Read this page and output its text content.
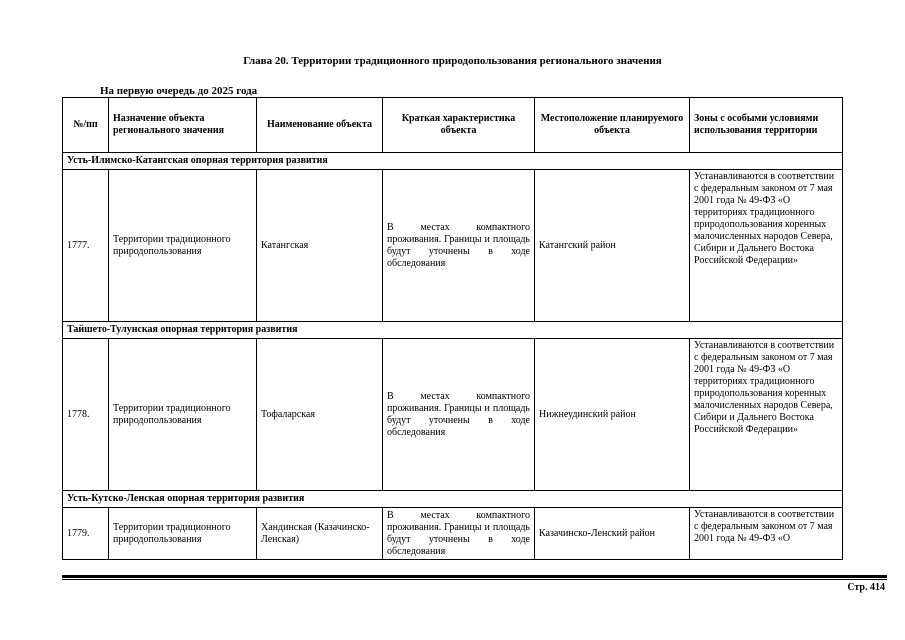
Глава 20. Территории традиционного природопользования регионального значения
На первую очередь до 2025 года
№/пп	Назначение объекта регионального значения	Наименование объекта	Краткая характеристика объекта	Местоположение планируемого объекта	Зоны с особыми условиями использования территории
Усть-Илимско-Катангская опорная территория развития					
1777.	Территории традиционного природопользования	Катангская	В местах компактного проживания. Границы и площадь будут уточнены в ходе обследования	Катангский район	Устанавливаются в соответствии с федеральным законом от 7 мая 2001 года № 49-ФЗ «О территориях традиционного природопользования коренных малочисленных народов Севера, Сибири и Дальнего Востока Российской Федерации»
Тайшето-Тулунская опорная территория развития					
1778.	Территории традиционного природопользования	Тофаларская	В местах компактного проживания. Границы и площадь будут уточнены в ходе обследования	Нижнеудинский район	Устанавливаются в соответствии с федеральным законом от 7 мая 2001 года № 49-ФЗ «О территориях традиционного природопользования коренных малочисленных народов Севера, Сибири и Дальнего Востока Российской Федерации»
Усть-Кутско-Ленская опорная территория развития					
1779.	Территории традиционного природопользования	Хандинская (Казачинско-Ленская)	В местах компактного проживания. Границы и площадь будут уточнены в ходе обследования	Казачинско-Ленский район	Устанавливаются в соответствии с федеральным законом от 7 мая 2001 года № 49-ФЗ «О
Стр. 414
